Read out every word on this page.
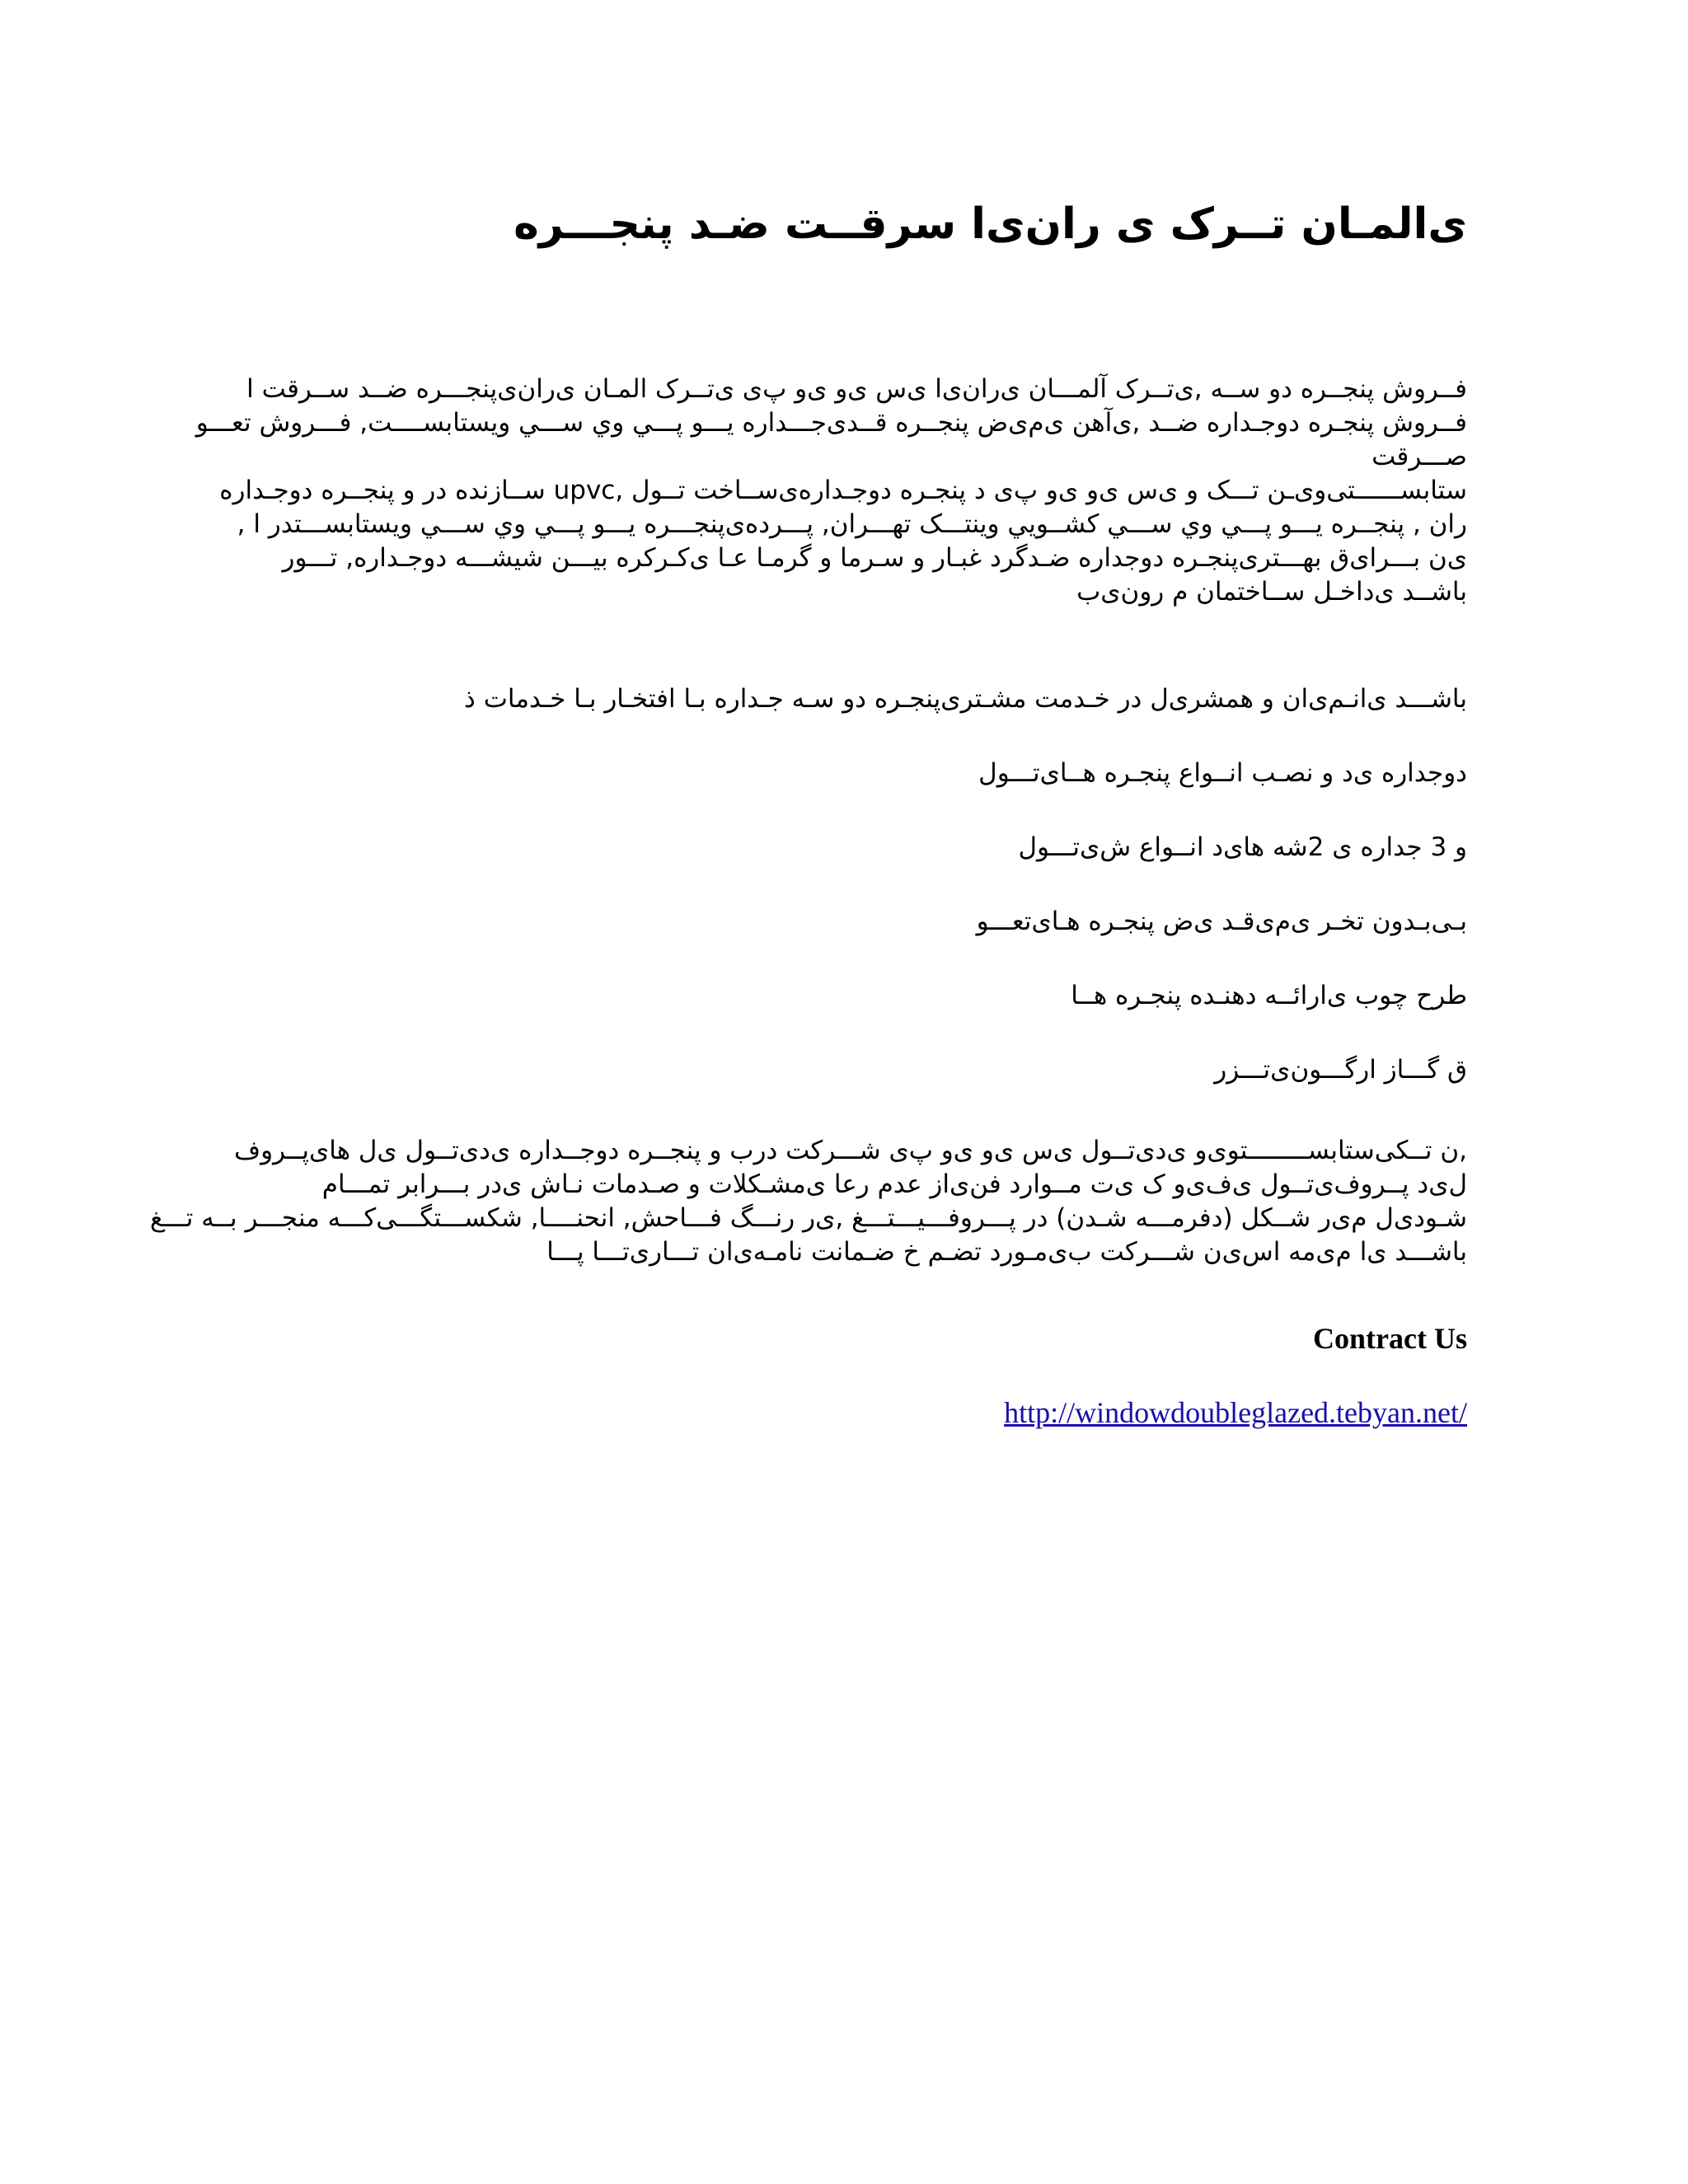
ی‌المـان تــرک ی ران‌ی‌ا سرقــت ضـد پنجـــره
فــروش پنجــره دو ســه ,ی‌تــرک آلمـــان ی‌ران‌ی‌ا ی‌س ی‌و ی‌و پ‌ی ی‌تــرک المـان ی‌ران‌ی‌پنجـــره ضــد ســرقت ا
فــروش پنجـره دوجـداره ضــد ,ی‌آهن ی‌م‌ی‌ض پنجــره قــدی‌جـــداره یـــو پـــي وي ســـي ويستابســــت, فـــروش تعـــو
صـــرقت
ستابســــــتی‌وی‌ـن تـــک و ی‌س ی‌و ی‌و پ‌ی د پنجـره دوجـداره‌ی‌ســاخت تــول ,upvc ســازنده در و پنجــره دوجـداره
ران , پنجــره یـــو پـــي وي ســـي كشــويي وينتـــک تهـــران, پـــرده‌ی‌پنجـــره یـــو پـــي وي ســـي ويستابســـتدر ا ,
ی‌ن بـــرای‌ق بهـــتری‌پنجـره دوجداره ضـدگرد غبـار و سـرما و گرمـا عـا ی‌كـركره بيـــن شيشـــه دوجـداره, تـــور
باشــد ی‌داخـل ســاختمان م رون‌ی‌ب

باشـــد ی‌انـم‌ی‌ان و همشری‌ل در خـدمت مشـتری‌پنجـره دو سـه جـداره بـا افتخـار بـا خـدمات ذ

دوجداره ی‌د و نصـب انــواع پنجـره هــای‌تـــول

و 3 جداره ی 2شه های‌د انــواع ش‌ی‌تـــول

بـی‌بـدون تخـر ی‌م‌ی‌قـد ی‌ض پنجـره هـای‌تعـــو

طرح چوب ی‌ارائــه دهنـده پنجـره هــا

ق گـــاز ارگـــون‌ی‌تـــزر

,ن تــکی‌ستابســــــــتوی‌و ی‌دی‌تــول ی‌س ی‌و ی‌و پ‌ی شـــرکت درب و پنجــره دوجــداره ی‌دی‌تــول ی‌ل های‌پــروف
ل‌ی‌د پــروف‌ی‌تــول ی‌ف‌ی‌و ک ی‌ت مــوارد فن‌ی‌از عدم رعا ی‌مشـكلات و صـدمات نـاش ی‌در بـــرابر تمـــام
شـودی‌ل م‌ی‌ر شــکل (دفرمـــه شـدن) در پـــروفـــیـــتـــغ ,ی‌ر رنـــگ فـــاحش, انحنــــا, شكســـتگـــی‌كـــه منجـــر بــه تـــغ
باشـــد ی‌ا م‌ی‌مه اس‌ی‌ن شـــرکت ب‌ی‌مـورد تضـم خ ضـمانت نامـه‌ی‌ان تـــاری‌تـــا پـــا
Contract Us
http://windowdoubleglazed.tebyan.net/
